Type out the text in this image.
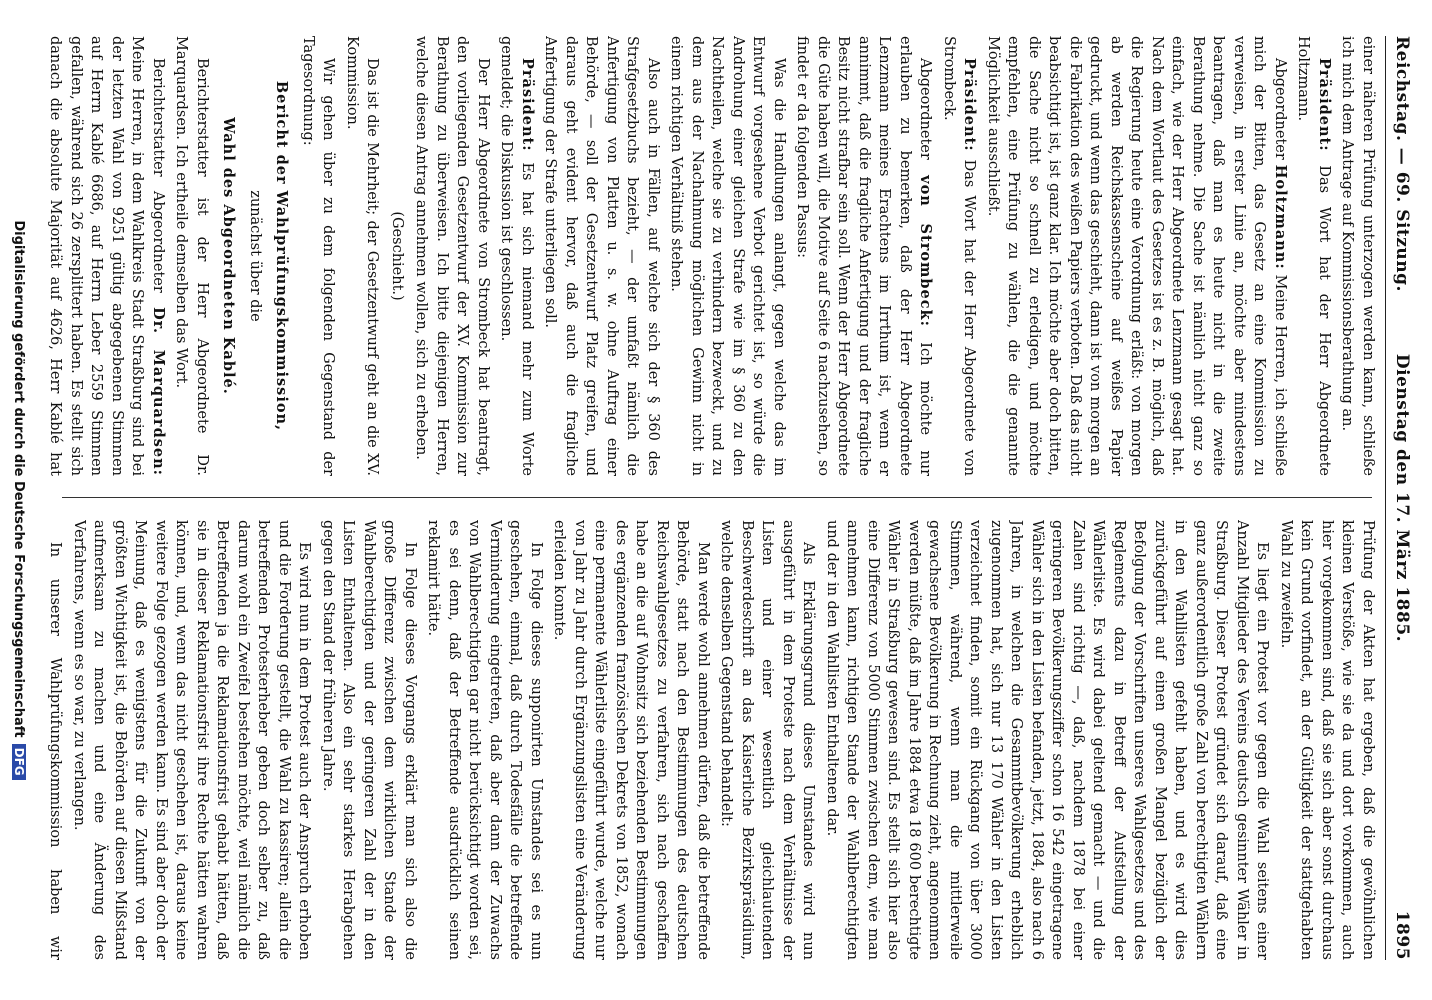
Reichstag. — 69. Sitzung.
Dienstag den 17. März 1885.
1895

einer näheren Prüfung unterzogen werden kann, schließe ich mich dem Antrage auf Kommissionsberathung an.

Präsident: Das Wort hat der Herr Abgeordnete Holtzmann.

Abgeordneter Holtzmann: Meine Herren, ich schließe mich der Bitten, das Gesetz an eine Kommission zu verweisen, in erster Linie an, möchte aber mindestens beantragen, daß man es heute nicht in die zweite Berathung nehme. Die Sache ist nämlich nicht ganz so einfach, wie der Herr Abgeordnete Lenzmann gesagt hat. Nach dem Wortlaut des Gesetzes ist es z. B. möglich, daß die Regierung heute eine Verordnung erläßt: von morgen ab werden Reichskassenscheine auf weißes Papier gedruckt, und wenn das geschieht, dann ist von morgen an die Fabrikation des weißen Papiers verboten. Daß das nicht beabsichtigt ist, ist ganz klar. Ich möchte aber doch bitten, die Sache nicht so schnell zu erledigen, und möchte empfehlen, eine Prüfung zu wählen, die die genannte Möglichkeit ausschließt.

Präsident: Das Wort hat der Herr Abgeordnete von Strombeck.

Abgeordneter von Strombeck: Ich möchte nur erlauben zu bemerken, daß der Herr Abgeordnete Lenzmann meines Erachtens im Irrthum ist, wenn er annimmt, daß die fragliche Anfertigung und der fragliche Besitz nicht strafbar sein soll. Wenn der Herr Abgeordnete die Güte haben will, die Motive auf Seite 6 nachzusehen, so findet er da folgenden Passus:

Was die Handlungen anlangt, gegen welche das im Entwurf vorgesehene Verbot gerichtet ist, so würde die Androhung einer gleichen Strafe wie im § 360 zu den Nachtheilen, welche sie zu verhindern bezweckt, und zu dem aus der Nachahmung möglichen Gewinn nicht in einem richtigen Verhältniß stehen.

Also auch in Fällen, auf welche sich der § 360 des Strafgesetzbuchs bezieht, — der umfaßt nämlich die Anfertigung von Platten u. s. w. ohne Auftrag einer Behörde, — soll der Gesetzentwurf Platz greifen, und daraus geht evident hervor, daß auch die fragliche Anfertigung der Strafe unterliegen soll.

Präsident: Es hat sich niemand mehr zum Worte gemeldet; die Diskussion ist geschlossen.

Der Herr Abgeordnete von Strombeck hat beantragt, den vorliegenden Gesetzentwurf der XV. Kommission zur Berathung zu überweisen. Ich bitte diejenigen Herren, welche diesen Antrag annehmen wollen, sich zu erheben.

(Geschieht.)

Das ist die Mehrheit; der Gesetzentwurf geht an die XV. Kommission.

Wir gehen über zu dem folgenden Gegenstand der Tagesordnung:

Bericht der Wahlprüfungskommission,

zunächst über die

Wahl des Abgeordneten Kablé.

Berichterstatter ist der Herr Abgeordnete Dr. Marquardsen. Ich ertheile demselben das Wort.

Berichterstatter Abgeordneter Dr. Marquardsen: Meine Herren, in dem Wahlkreis Stadt Straßburg sind bei der letzten Wahl von 9251 gültig abgegebenen Stimmen auf Herrn Kablé 6686, auf Herrn Leber 2559 Stimmen gefallen, während sich 26 zersplittert haben. Es stellt sich danach die absolute Majorität auf 4626, Herr Kablé hat

Prüfung der Akten hat ergeben, daß die gewöhnlichen kleinen Verstöße, wie sie da und dort vorkommen, auch hier vorgekommen sind, daß sie sich aber sonst durchaus kein Grund vorfindet, an der Gültigkeit der stattgehabten Wahl zu zweifeln.

Es liegt ein Protest vor gegen die Wahl seitens einer Anzahl Mitglieder des Vereins deutsch gesinnter Wähler in Straßburg. Dieser Protest gründet sich darauf, daß eine ganz außerordentlich große Zahl von berechtigten Wählern in den Wahllisten gefehlt haben, und es wird dies zurückgeführt auf einen großen Mangel bezüglich der Befolgung der Vorschriften unseres Wahlgesetzes und des Reglements dazu in Betreff der Aufstellung der Wählerliste. Es wird dabei geltend gemacht — und die Zahlen sind richtig —, daß, nachdem 1878 bei einer geringeren Bevölkerungsziffer schon 16 542 eingetragene Wähler sich in den Listen befanden, jetzt, 1884, also nach 6 Jahren, in welchen die Gesammtbevölkerung erheblich zugenommen hat, sich nur 13 170 Wähler in den Listen verzeichnet finden, somit ein Rückgang von über 3000 Stimmen, während, wenn man die mittlerweile gewachsene Bevölkerung in Rechnung zieht, angenommen werden müßte, daß im Jahre 1884 etwa 18 600 berechtigte Wähler in Straßburg gewesen sind. Es stellt sich hier also eine Differenz von 5000 Stimmen zwischen dem, wie man annehmen kann, richtigen Stande der Wahlberechtigten und der in den Wahllisten Enthaltenen dar.

Als Erklärungsgrund dieses Umstandes wird nun ausgeführt in dem Proteste nach dem Verhältnisse der Listen und einer wesentlich gleichlautenden Beschwerdeschrift an das Kaiserliche Bezirkspräsidium, welche denselben Gegenstand behandelt:

Man werde wohl annehmen dürfen, daß die betreffende Behörde, statt nach den Bestimmungen des deutschen Reichswahlgesetzes zu verfahren, sich nach geschaffen habe an die auf Wohnsitz sich beziehenden Bestimmungen des ergänzenden französischen Dekrets von 1852, wonach eine permanente Wählerliste eingeführt wurde, welche nur von Jahr zu Jahr durch Ergänzungslisten eine Veränderung erleiden konnte.

In Folge dieses supponirten Umstandes sei es nun geschehen, einmal, daß durch Todesfälle die betreffende Verminderung eingetreten, daß aber dann der Zuwachs von Wahlberechtigten gar nicht berücksichtigt worden sei, es sei denn, daß der Betreffende ausdrücklich seinen reklamirt hätte.

In Folge dieses Vorgangs erklärt man sich also die große Differenz zwischen dem wirklichen Stande der Wahlberechtigten und der geringeren Zahl der in den Listen Enthaltenen. Also ein sehr starkes Herabgehen gegen den Stand der früheren Jahre.

Es wird nun in dem Protest auch der Anspruch erhoben und die Forderung gestellt, die Wahl zu kassiren; allein die betreffenden Protesterheber geben doch selber zu, daß darum wohl ein Zweifel bestehen möchte, weil nämlich die Betreffenden ja die Reklamationsfrist gehabt hätten, daß sie in dieser Reklamationsfrist ihre Rechte hätten wahren können, und, wenn das nicht geschehen ist, daraus keine weitere Folge gezogen werden kann. Es sind aber doch der Meinung, daß es wenigstens für die Zukunft von der größten Wichtigkeit ist, die Behörden auf diesen Mißstand aufmerksam zu machen und eine Änderung des Verfahrens, wenn es so war, zu verlangen.

In unserer Wahlprüfungskommission haben wir

Digitalisierung gefördert durch die Deutsche ForschungsgemeinschaftDFG
